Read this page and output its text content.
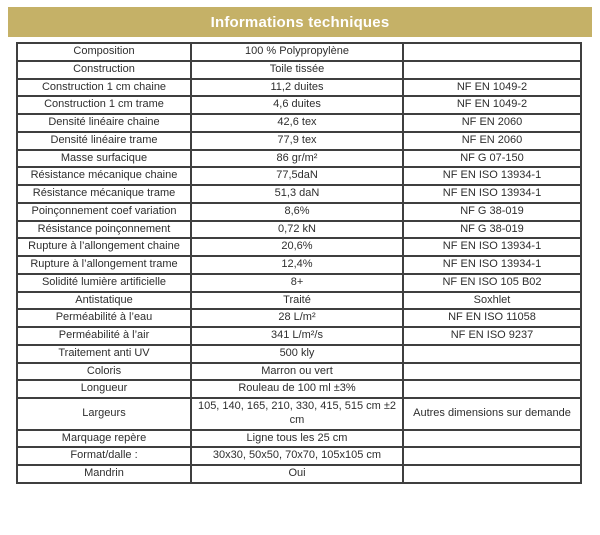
Informations techniques
Composition	100 % Polypropylène	
Construction	Toile tissée	
Construction 1 cm chaine	11,2 duites	NF EN 1049-2
Construction 1 cm trame	4,6 duites	NF EN 1049-2
Densité linéaire chaine	42,6 tex	NF EN 2060
Densité linéaire trame	77,9 tex	NF EN 2060
Masse surfacique	86 gr/m²	NF G 07-150
Résistance mécanique chaine	77,5daN	NF EN ISO 13934-1
Résistance mécanique trame	51,3 daN	NF EN ISO 13934-1
Poinçonnement coef variation	8,6%	NF G 38-019
Résistance poinçonnement	0,72 kN	NF G 38-019
Rupture à l’allongement chaine	20,6%	NF EN ISO 13934-1
Rupture à l’allongement trame	12,4%	NF EN ISO 13934-1
Solidité lumière artificielle	8+	NF EN ISO 105 B02
Antistatique	Traité	Soxhlet
Perméabilité à l’eau	28 L/m²	NF EN ISO 11058
Perméabilité à l’air	341 L/m²/s	NF EN ISO 9237
Traitement anti UV	500 kly	
Coloris	Marron ou vert	
Longueur	Rouleau de 100 ml ±3%	
Largeurs	105, 140, 165, 210, 330, 415, 515 cm ±2 cm	Autres dimensions sur demande
Marquage repère	Ligne tous les 25 cm	
Format/dalle :	30x30, 50x50, 70x70, 105x105 cm	
Mandrin	Oui	
